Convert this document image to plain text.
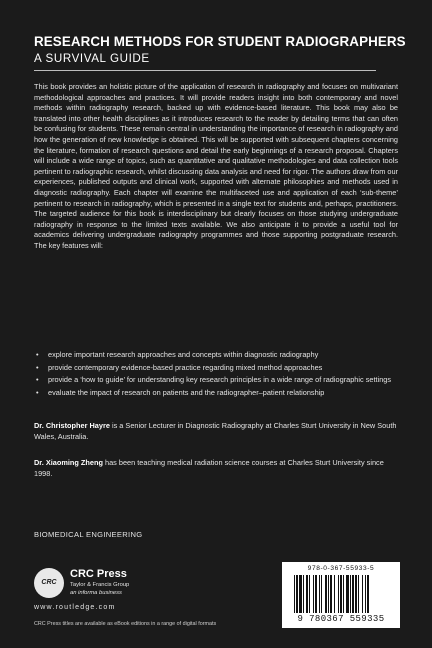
RESEARCH METHODS FOR STUDENT RADIOGRAPHERS
A SURVIVAL GUIDE

This book provides an holistic picture of the application of research in radiography and focuses on multivariant methodological approaches and practices. It will provide readers insight into both contemporary and novel methods within radiography research, backed up with evidence-based literature. This book may also be translated into other health disciplines as it introduces research to the reader by detailing terms that can often be confusing for students. These remain central in understanding the importance of research in radiography and how the generation of new knowledge is obtained. This will be supported with subsequent chapters concerning the literature, formation of research questions and detail the early beginnings of a research proposal. Chapters will include a wide range of topics, such as quantitative and qualitative methodologies and data collection tools pertinent to radiographic research, whilst discussing data analysis and need for rigor. The authors draw from our experiences, published outputs and clinical work, supported with alternate philosophies and methods used in diagnostic radiography. Each chapter will examine the multifaceted use and application of each ‘sub-theme’ pertinent to research in radiography, which is presented in a single text for students and, perhaps, practitioners. The targeted audience for this book is interdisciplinary but clearly focuses on those studying undergraduate radiography in response to the limited texts available. We also anticipate it to provide a useful tool for academics delivering undergraduate radiography programmes and those supporting postgraduate research. The key features will:

• explore important research approaches and concepts within diagnostic radiography
• provide contemporary evidence-based practice regarding mixed method approaches
• provide a ‘how to guide’ for understanding key research principles in a wide range of radiographic settings
• evaluate the impact of research on patients and the radiographer–patient relationship

Dr. Christopher Hayre is a Senior Lecturer in Diagnostic Radiography at Charles Sturt University in New South Wales, Australia.

Dr. Xiaoming Zheng has been teaching medical radiation science courses at Charles Sturt University since 1998.

BIOMEDICAL ENGINEERING
CRC
CRC Press
Taylor & Francis Group
an informa business
www.routledge.com
CRC Press titles are available as eBook editions in a range of digital formats
978-0-367-55933-5
9 780367 559335
